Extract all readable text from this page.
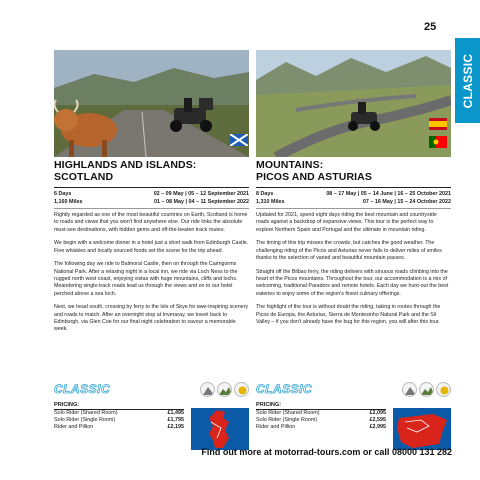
25
CLASSIC
HIGHLANDS AND ISLANDS:
SCOTLAND
6 Days	02 – 09 May | 05 – 12 September 2021
1,160 Miles	01 – 08 May | 04 – 11 September 2022

Rightly regarded as one of the most beautiful countries on Earth, Scotland is home to roads and views that you won't find anywhere else. Our ride links the absolute must-see destinations, with hidden gems and off-the-beaten track routes.

We begin with a welcome dinner in a hotel just a short walk from Edinburgh Castle. Fine whiskies and locally sourced foods set the scene for the trip ahead.

The following day we ride to Balmoral Castle, then on through the Cairngorms National Park. After a relaxing night in a local inn, we ride via Loch Ness to the rugged north west coast, enjoying vistas with huge mountains, cliffs and lochs. Meandering single-track roads lead us through the views and on to our hotel perched above a sea loch.

Next, we head south, crossing by ferry to the Isle of Skye for awe-inspiring scenery and roads to match. After an overnight stop at Inveraray, we travel back to Edinburgh, via Glen Coe for our final night celebration to savour a memorable week.

MOUNTAINS:
PICOS AND ASTURIAS
8 Days	08 – 17 May | 05 – 14 June | 16 – 25 October 2021
1,310 Miles	07 – 16 May | 15 – 24 October 2022

Updated for 2021, spend eight days riding the best mountain and countryside roads against a backdrop of expansive views. This tour is the perfect way to explore Northern Spain and Portugal and the ultimate in mountain riding.

The timing of this trip misses the crowds, but catches the good weather. The challenging riding of the Picos and Asturias never fails to deliver miles of smiles thanks to the selection of varied and beautiful mountain passes.

Straight off the Bilbao ferry, the riding delivers with sinuous roads climbing into the heart of the Picos mountains. Throughout the tour, our accommodation is a mix of welcoming, traditional Paradors and remote hotels. Each day we hunt-out the best eateries to enjoy some of the region's finest culinary offerings.

The highlight of the tour is without doubt the riding, taking in routes through the Picos de Europa, the Asturias, Sierra de Montesinho Natural Park and the Sil Valley – if you don't already have the bug for this region, you will after this tour.

CLASSIC	CLASSIC
PRICING:
Solo Rider (Shared Room)	£1,495
Solo Rider (Single Room)	£1,795
Rider and Pillion	£2,195
PRICING:
Solo Rider (Shared Room)	£2,095
Solo Rider (Single Room)	£2,595
Rider and Pillion	£2,995
Find out more at motorrad-tours.com or call 08000 131 282
